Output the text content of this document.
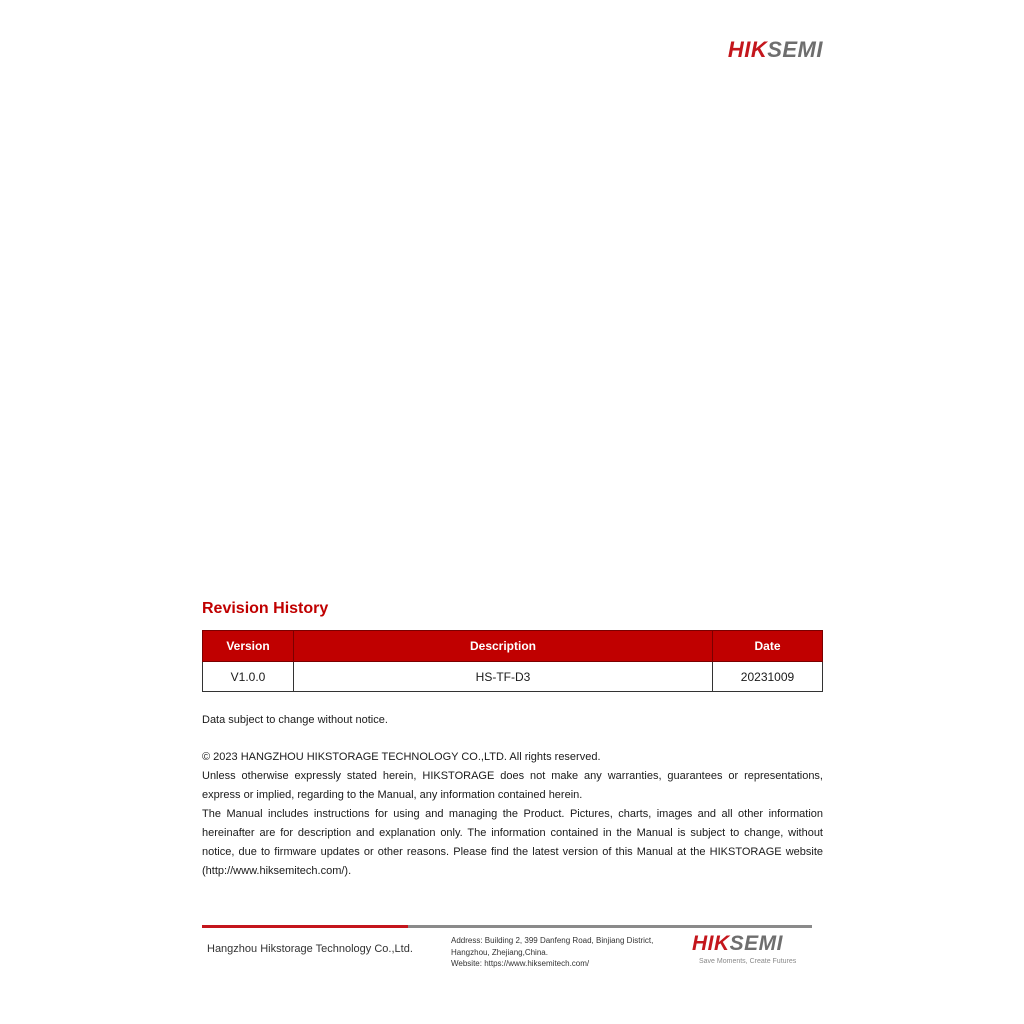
HIKSEMI
Revision History
Version	Description	Date
V1.0.0	HS-TF-D3	20231009

Data subject to change without notice.

© 2023 HANGZHOU HIKSTORAGE TECHNOLOGY CO.,LTD. All rights reserved.

Unless otherwise expressly stated herein, HIKSTORAGE does not make any warranties, guarantees or representations, express or implied, regarding to the Manual, any information contained herein.

The Manual includes instructions for using and managing the Product. Pictures, charts, images and all other information hereinafter are for description and explanation only. The information contained in the Manual is subject to change, without notice, due to firmware updates or other reasons. Please find the latest version of this Manual at the HIKSTORAGE website (http://www.hiksemitech.com/).

Hangzhou Hikstorage Technology Co.,Ltd.
Address: Building 2, 399 Danfeng Road, Binjiang District,
Hangzhou, Zhejiang,China.
Website: https://www.hiksemitech.com/
HIKSEMI
Save Moments, Create Futures
